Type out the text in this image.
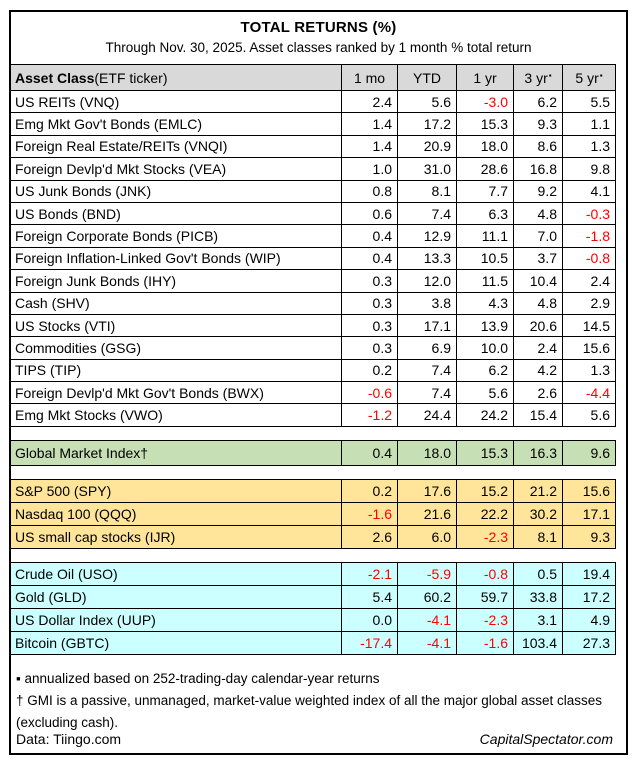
TOTAL RETURNS (%)
Through Nov. 30, 2025. Asset classes ranked by 1 month % total return
Asset Class (ETF ticker)	1 mo	YTD	1 yr	3 yr▪ 5 yr▪
US REITs (VNQ)	2.4	5.6	-3.0	6.2	5.5
Emg Mkt Gov't Bonds (EMLC)	1.4	17.2	15.3	9.3	1.1
Foreign Real Estate/REITs (VNQI)	1.4	20.9	18.0	8.6	1.3
Foreign Devlp'd Mkt Stocks (VEA)	1.0	31.0	28.6	16.8	9.8
US Junk Bonds (JNK)	0.8	8.1	7.7	9.2	4.1
US Bonds (BND)	0.6	7.4	6.3	4.8	-0.3
Foreign Corporate Bonds (PICB)	0.4	12.9	11.1	7.0	-1.8
Foreign Inflation-Linked Gov't Bonds (WIP)	0.4	13.3	10.5	3.7	-0.8
Foreign Junk Bonds (IHY)	0.3	12.0	11.5	10.4	2.4
Cash (SHV)	0.3	3.8	4.3	4.8	2.9
US Stocks (VTI)	0.3	17.1	13.9	20.6	14.5
Commodities (GSG)	0.3	6.9	10.0	2.4	15.6
TIPS (TIP)	0.2	7.4	6.2	4.2	1.3
Foreign Devlp'd Mkt Gov't Bonds (BWX)	-0.6	7.4	5.6	2.6	-4.4
Emg Mkt Stocks (VWO)	-1.2	24.4	24.2	15.4	5.6
Global Market Index†	0.4	18.0	15.3	16.3	9.6
S&P 500 (SPY)	0.2	17.6	15.2	21.2	15.6
Nasdaq 100 (QQQ)	-1.6	21.6	22.2	30.2	17.1
US small cap stocks (IJR)	2.6	6.0	-2.3	8.1	9.3
Crude Oil (USO)	-2.1	-5.9	-0.8	0.5	19.4
Gold (GLD)	5.4	60.2	59.7	33.8	17.2
US Dollar Index (UUP)	0.0	-4.1	-2.3	3.1	4.9
Bitcoin (GBTC)	-17.4	-4.1	-1.6 103.4	27.3
▪ annualized based on 252-trading-day calendar-year returns
† GMI is a passive, unmanaged, market-value weighted index of all the major global asset classes (excluding cash).
Data: Tiingo.com	CapitalSpectator.com
